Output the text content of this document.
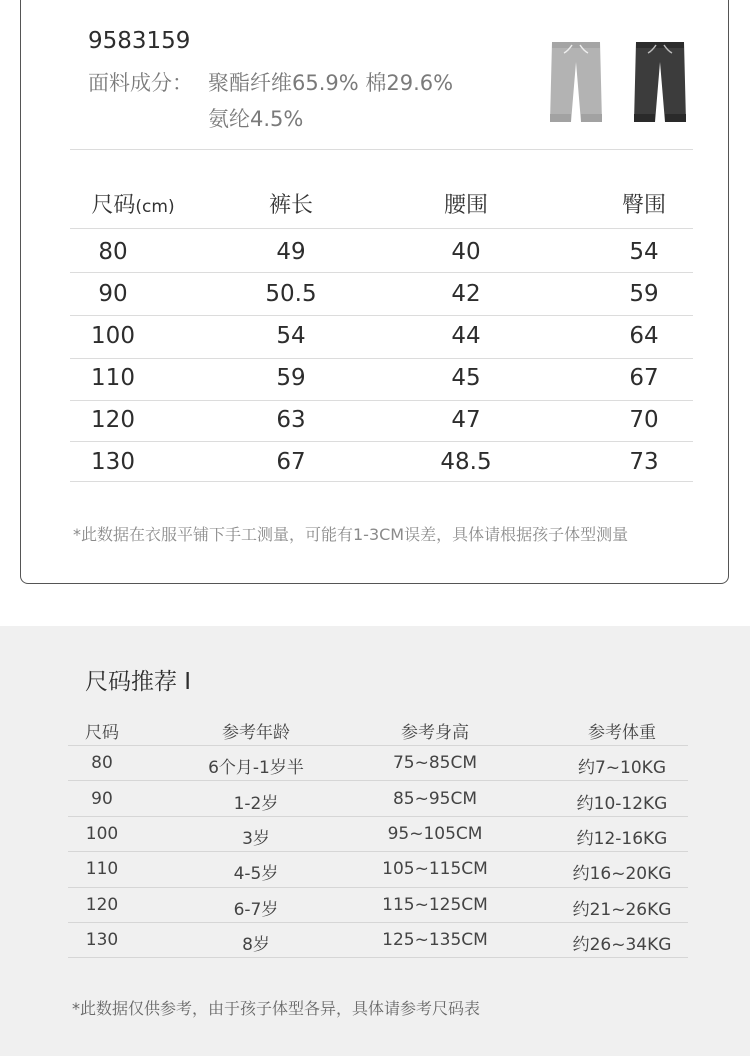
9583159
面料成分： 聚酯纤维65.9% 棉29.6%
氨纶4.5%
尺码(cm)	裤长	腰围	臀围
80	49	40	54
90	50.5	42	59
100	54	44	64
110	59	45	67
120	63	47	70
130	67	48.5	73
*此数据在衣服平铺下手工测量，可能有1-3CM误差，具体请根据孩子体型测量
尺码推荐 I
尺码	参考年龄	参考身高	参考体重
80	6个月-1岁半	75~85CM	约7~10KG
90	1-2岁	85~95CM	约10-12KG
100	3岁	95~105CM	约12-16KG
110	4-5岁	105~115CM	约16~20KG
120	6-7岁	115~125CM	约21~26KG
130	8岁	125~135CM	约26~34KG
*此数据仅供参考，由于孩子体型各异，具体请参考尺码表
